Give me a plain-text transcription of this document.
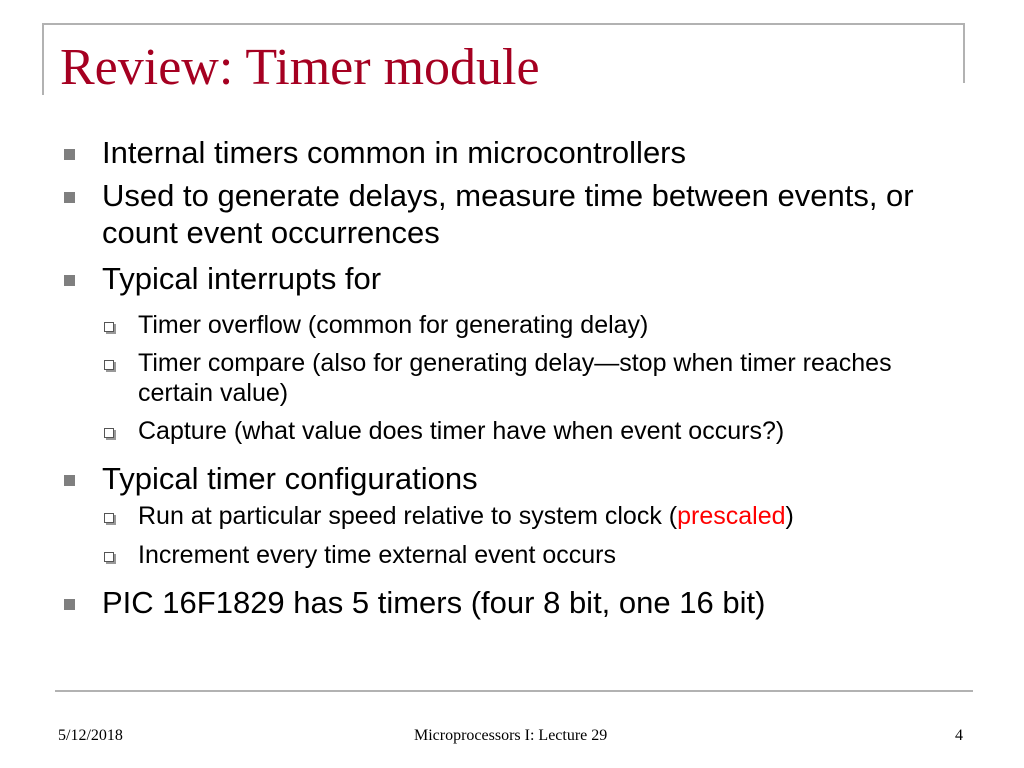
Review: Timer module

Internal timers common in microcontrollers

Used to generate delays, measure time between events, or count event occurrences

Typical interrupts for

Timer overflow (common for generating delay)

Timer compare (also for generating delay—stop when timer reaches certain value)

Capture (what value does timer have when event occurs?)

Typical timer configurations

Run at particular speed relative to system clock (prescaled)

Increment every time external event occurs

PIC 16F1829 has 5 timers (four 8 bit, one 16 bit)

5/12/2018	Microprocessors I: Lecture 29	4
